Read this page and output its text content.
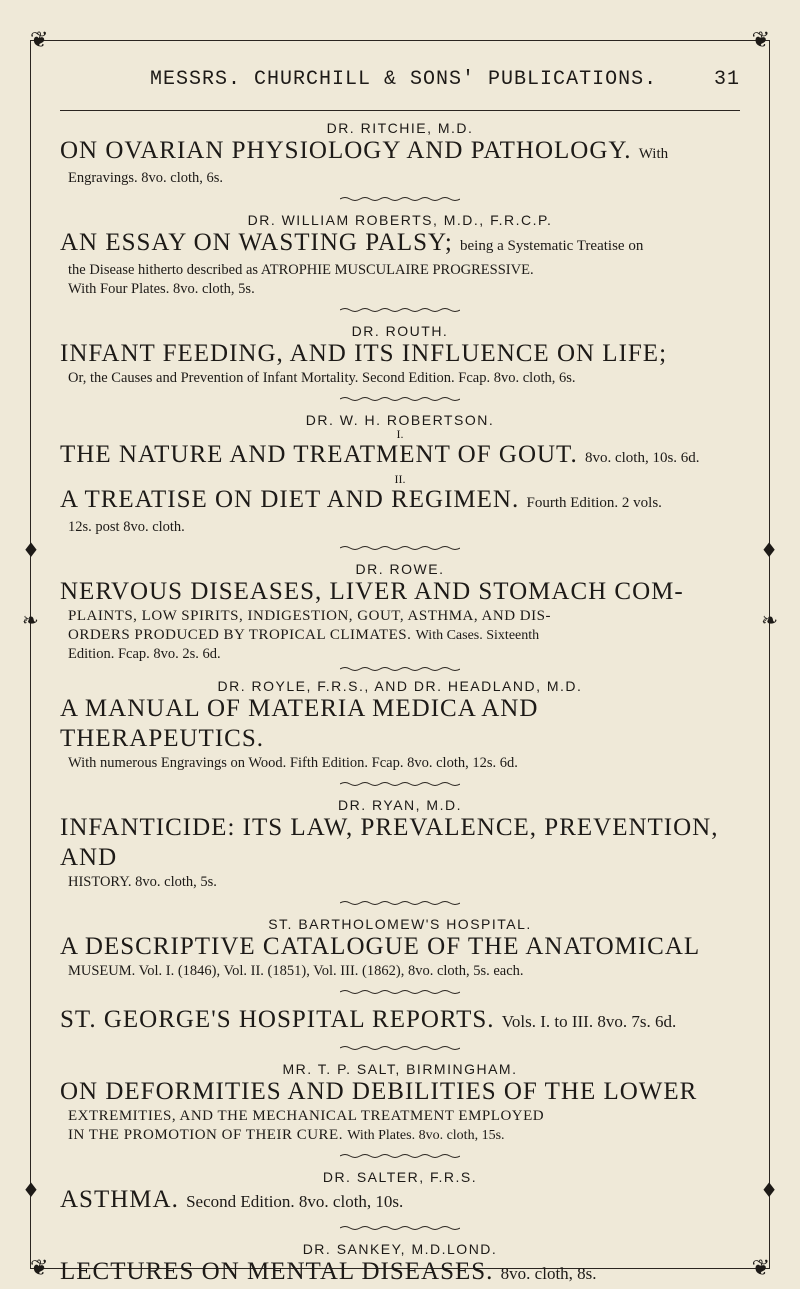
❦	❦
❦	❦
♦	♦
❧	❧
♦	♦
MESSRS. CHURCHILL & SONS' PUBLICATIONS.	31

DR. RITCHIE, M.D.

ON OVARIAN PHYSIOLOGY AND PATHOLOGY. With

Engravings. 8vo. cloth, 6s.

DR. WILLIAM ROBERTS, M.D., F.R.C.P.

AN ESSAY ON WASTING PALSY; being a Systematic Treatise on

the Disease hitherto described as ATROPHIE MUSCULAIRE PROGRESSIVE.

With Four Plates. 8vo. cloth, 5s.

DR. ROUTH.

INFANT FEEDING, AND ITS INFLUENCE ON LIFE;

Or, the Causes and Prevention of Infant Mortality. Second Edition. Fcap. 8vo. cloth, 6s.

DR. W. H. ROBERTSON.

I.

THE NATURE AND TREATMENT OF GOUT. 8vo. cloth, 10s. 6d.

II.

A TREATISE ON DIET AND REGIMEN. Fourth Edition. 2 vols.

12s. post 8vo. cloth.

DR. ROWE.

NERVOUS DISEASES, LIVER AND STOMACH COM-

PLAINTS, LOW SPIRITS, INDIGESTION, GOUT, ASTHMA, AND DIS-

ORDERS PRODUCED BY TROPICAL CLIMATES. With Cases. Sixteenth

Edition. Fcap. 8vo. 2s. 6d.

DR. ROYLE, F.R.S., AND DR. HEADLAND, M.D.

A MANUAL OF MATERIA MEDICA AND THERAPEUTICS.

With numerous Engravings on Wood. Fifth Edition. Fcap. 8vo. cloth, 12s. 6d.

DR. RYAN, M.D.

INFANTICIDE: ITS LAW, PREVALENCE, PREVENTION, AND

HISTORY. 8vo. cloth, 5s.

ST. BARTHOLOMEW'S HOSPITAL.

A DESCRIPTIVE CATALOGUE OF THE ANATOMICAL

MUSEUM. Vol. I. (1846), Vol. II. (1851), Vol. III. (1862), 8vo. cloth, 5s. each.

ST. GEORGE'S HOSPITAL REPORTS. Vols. I. to III. 8vo. 7s. 6d.

MR. T. P. SALT, BIRMINGHAM.

ON DEFORMITIES AND DEBILITIES OF THE LOWER

EXTREMITIES, AND THE MECHANICAL TREATMENT EMPLOYED

IN THE PROMOTION OF THEIR CURE. With Plates. 8vo. cloth, 15s.

DR. SALTER, F.R.S.

ASTHMA. Second Edition. 8vo. cloth, 10s.

DR. SANKEY, M.D.LOND.

LECTURES ON MENTAL DISEASES. 8vo. cloth, 8s.
